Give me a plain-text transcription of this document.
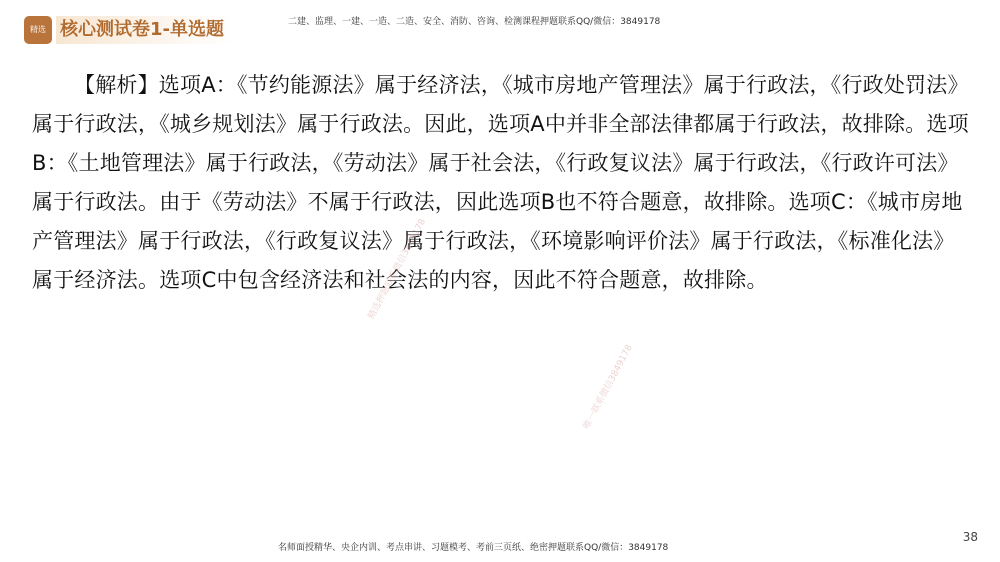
精选 核心测试卷1-单选题	二建、监理、一建、一造、二造、安全、消防、咨询、检测课程押题联系QQ/微信：3849178

【解析】选项A：《节约能源法》属于经济法，《城市房地产管理法》属于行政法，《行政处罚法》属于行政法，《城乡规划法》属于行政法。因此，选项A中并非全部法律都属于行政法，故排除。选项B：《土地管理法》属于行政法，《劳动法》属于社会法，《行政复议法》属于行政法，《行政许可法》属于行政法。由于《劳动法》不属于行政法，因此选项B也不符合题意，故排除。选项C：《城市房地产管理法》属于行政法，《行政复议法》属于行政法，《环境影响评价法》属于行政法，《标准化法》属于经济法。选项C中包含经济法和社会法的内容，因此不符合题意，故排除。

精选押题联系微信3849178
唯一联系微信3849178
38
名师面授精华、央企内训、考点串讲、习题模考、考前三页纸、绝密押题联系QQ/微信：3849178
